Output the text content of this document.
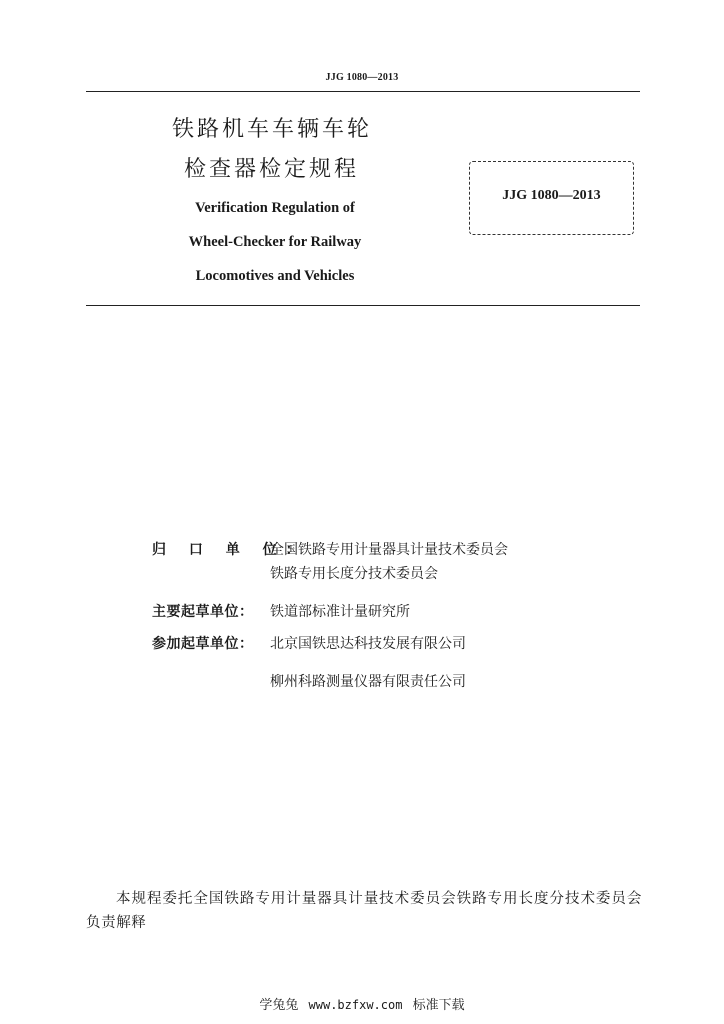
JJG 1080—2013
铁路机车车辆车轮
检查器检定规程
Verification Regulation of
Wheel-Checker for Railway
Locomotives and Vehicles
JJG 1080—2013
归 口 单 位：
全国铁路专用计量器具计量技术委员会
铁路专用长度分技术委员会
主要起草单位： 铁道部标准计量研究所
参加起草单位： 北京国铁思达科技发展有限公司
柳州科路测量仪器有限责任公司
本规程委托全国铁路专用计量器具计量技术委员会铁路专用长度分技术委员会负责解释
学兔兔 www.bzfxw.com 标准下载
